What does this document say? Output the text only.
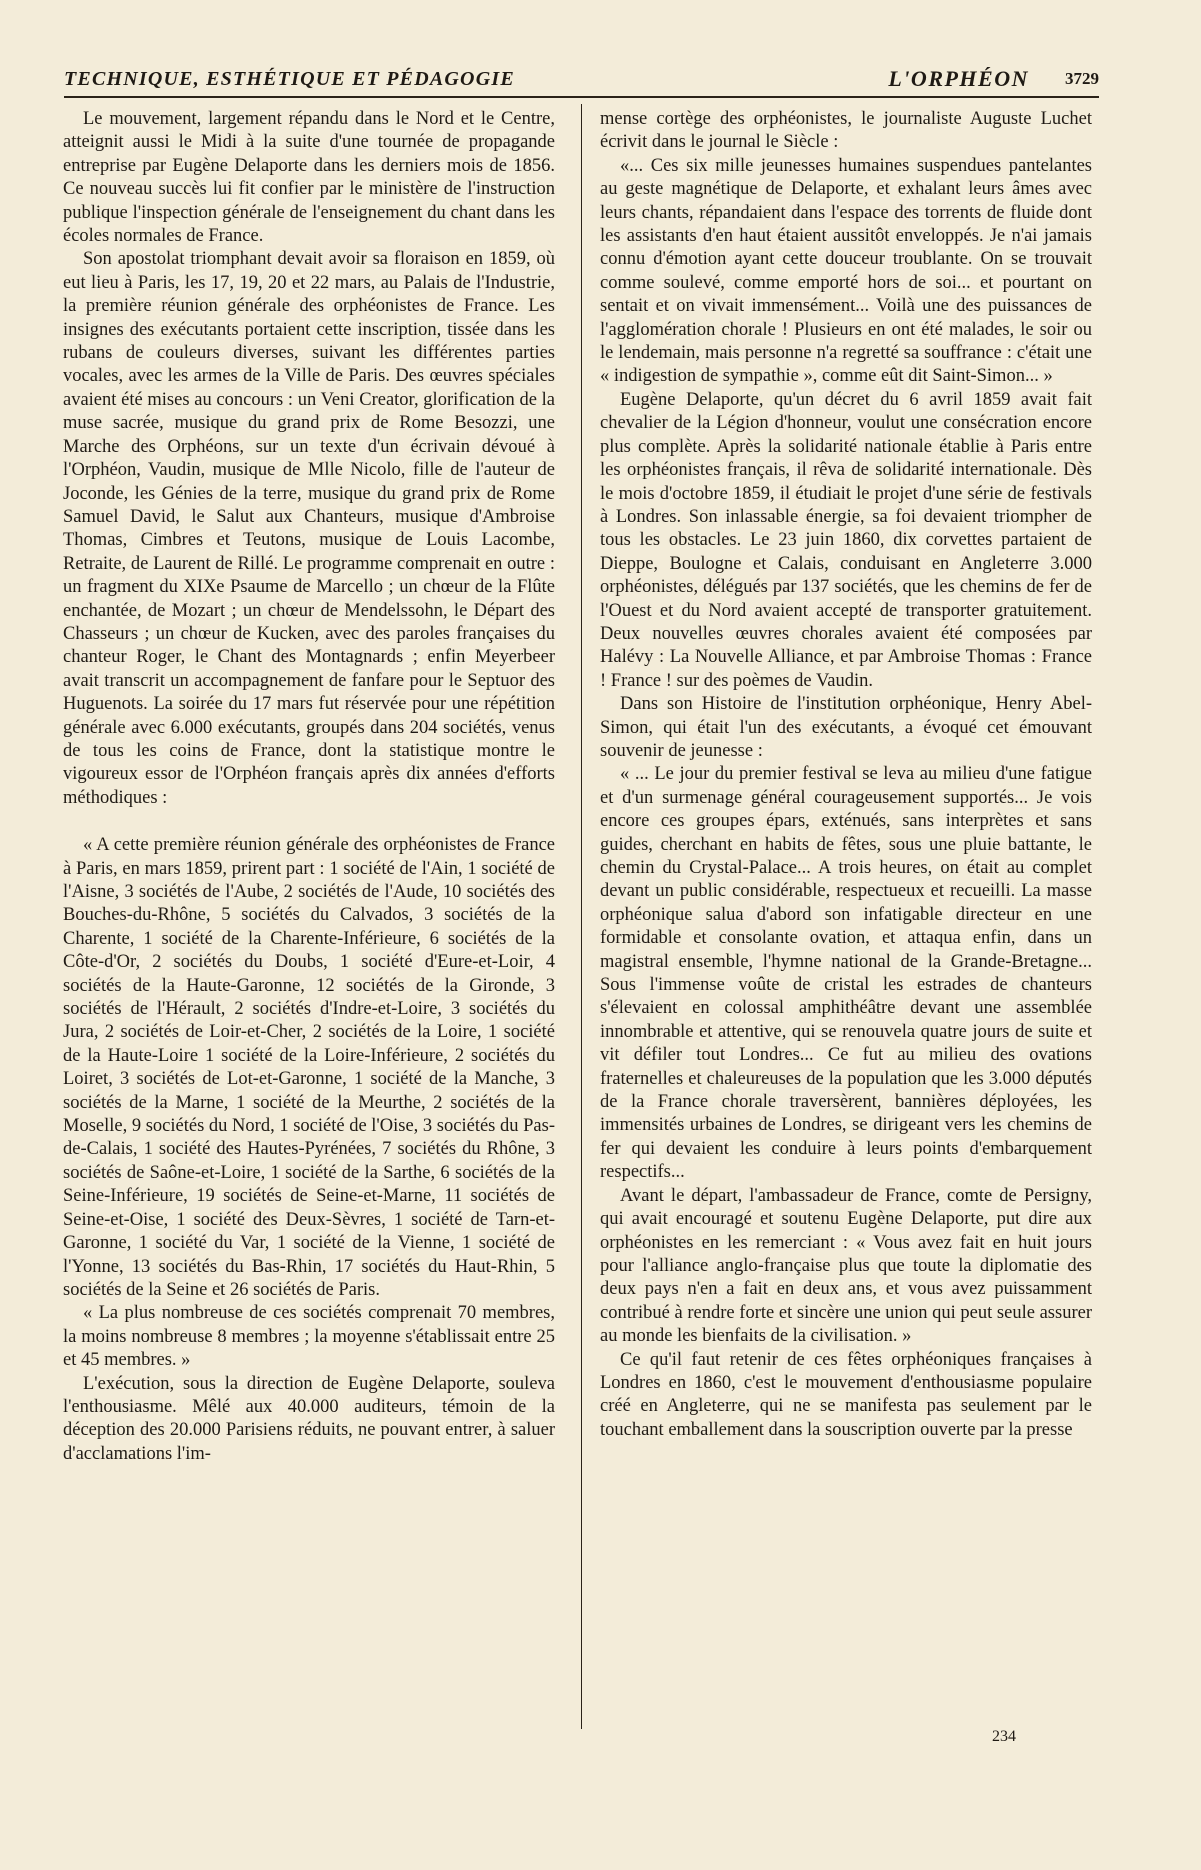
TECHNIQUE, ESTHÉTIQUE ET PÉDAGOGIE	L'ORPHÉON 3729

Le mouvement, largement répandu dans le Nord et le Centre, atteignit aussi le Midi à la suite d'une tournée de propagande entreprise par Eugène Delaporte dans les derniers mois de 1856. Ce nouveau succès lui fit confier par le ministère de l'instruction publique l'inspection générale de l'enseignement du chant dans les écoles normales de France.

Son apostolat triomphant devait avoir sa floraison en 1859, où eut lieu à Paris, les 17, 19, 20 et 22 mars, au Palais de l'Industrie, la première réunion générale des orphéonistes de France. Les insignes des exécutants portaient cette inscription, tissée dans les rubans de couleurs diverses, suivant les différentes parties vocales, avec les armes de la Ville de Paris. Des œuvres spéciales avaient été mises au concours : un Veni Creator, glorification de la muse sacrée, musique du grand prix de Rome Besozzi, une Marche des Orphéons, sur un texte d'un écrivain dévoué à l'Orphéon, Vaudin, musique de Mlle Nicolo, fille de l'auteur de Joconde, les Génies de la terre, musique du grand prix de Rome Samuel David, le Salut aux Chanteurs, musique d'Ambroise Thomas, Cimbres et Teutons, musique de Louis Lacombe, Retraite, de Laurent de Rillé. Le programme comprenait en outre : un fragment du XIXe Psaume de Marcello ; un chœur de la Flûte enchantée, de Mozart ; un chœur de Mendelssohn, le Départ des Chasseurs ; un chœur de Kucken, avec des paroles françaises du chanteur Roger, le Chant des Montagnards ; enfin Meyerbeer avait transcrit un accompagnement de fanfare pour le Septuor des Huguenots. La soirée du 17 mars fut réservée pour une répétition générale avec 6.000 exécutants, groupés dans 204 sociétés, venus de tous les coins de France, dont la statistique montre le vigoureux essor de l'Orphéon français après dix années d'efforts méthodiques :

« A cette première réunion générale des orphéonistes de France à Paris, en mars 1859, prirent part : 1 société de l'Ain, 1 société de l'Aisne, 3 sociétés de l'Aube, 2 sociétés de l'Aude, 10 sociétés des Bouches-du-Rhône, 5 sociétés du Calvados, 3 sociétés de la Charente, 1 société de la Charente-Inférieure, 6 sociétés de la Côte-d'Or, 2 sociétés du Doubs, 1 société d'Eure-et-Loir, 4 sociétés de la Haute-Garonne, 12 sociétés de la Gironde, 3 sociétés de l'Hérault, 2 sociétés d'Indre-et-Loire, 3 sociétés du Jura, 2 sociétés de Loir-et-Cher, 2 sociétés de la Loire, 1 société de la Haute-Loire 1 société de la Loire-Inférieure, 2 sociétés du Loiret, 3 sociétés de Lot-et-Garonne, 1 société de la Manche, 3 sociétés de la Marne, 1 société de la Meurthe, 2 sociétés de la Moselle, 9 sociétés du Nord, 1 société de l'Oise, 3 sociétés du Pas-de-Calais, 1 société des Hautes-Pyrénées, 7 sociétés du Rhône, 3 sociétés de Saône-et-Loire, 1 société de la Sarthe, 6 sociétés de la Seine-Inférieure, 19 sociétés de Seine-et-Marne, 11 sociétés de Seine-et-Oise, 1 société des Deux-Sèvres, 1 société de Tarn-et-Garonne, 1 société du Var, 1 société de la Vienne, 1 société de l'Yonne, 13 sociétés du Bas-Rhin, 17 sociétés du Haut-Rhin, 5 sociétés de la Seine et 26 sociétés de Paris.

« La plus nombreuse de ces sociétés comprenait 70 membres, la moins nombreuse 8 membres ; la moyenne s'établissait entre 25 et 45 membres. »

L'exécution, sous la direction de Eugène Delaporte, souleva l'enthousiasme. Mêlé aux 40.000 auditeurs, témoin de la déception des 20.000 Parisiens réduits, ne pouvant entrer, à saluer d'acclamations l'im-

mense cortège des orphéonistes, le journaliste Auguste Luchet écrivit dans le journal le Siècle :

«... Ces six mille jeunesses humaines suspendues pantelantes au geste magnétique de Delaporte, et exhalant leurs âmes avec leurs chants, répandaient dans l'espace des torrents de fluide dont les assistants d'en haut étaient aussitôt enveloppés. Je n'ai jamais connu d'émotion ayant cette douceur troublante. On se trouvait comme soulevé, comme emporté hors de soi... et pourtant on sentait et on vivait immensément... Voilà une des puissances de l'agglomération chorale ! Plusieurs en ont été malades, le soir ou le lendemain, mais personne n'a regretté sa souffrance : c'était une « indigestion de sympathie », comme eût dit Saint-Simon... »

Eugène Delaporte, qu'un décret du 6 avril 1859 avait fait chevalier de la Légion d'honneur, voulut une consécration encore plus complète. Après la solidarité nationale établie à Paris entre les orphéonistes français, il rêva de solidarité internationale. Dès le mois d'octobre 1859, il étudiait le projet d'une série de festivals à Londres. Son inlassable énergie, sa foi devaient triompher de tous les obstacles. Le 23 juin 1860, dix corvettes partaient de Dieppe, Boulogne et Calais, conduisant en Angleterre 3.000 orphéonistes, délégués par 137 sociétés, que les chemins de fer de l'Ouest et du Nord avaient accepté de transporter gratuitement. Deux nouvelles œuvres chorales avaient été composées par Halévy : La Nouvelle Alliance, et par Ambroise Thomas : France ! France ! sur des poèmes de Vaudin.

Dans son Histoire de l'institution orphéonique, Henry Abel-Simon, qui était l'un des exécutants, a évoqué cet émouvant souvenir de jeunesse :

« ... Le jour du premier festival se leva au milieu d'une fatigue et d'un surmenage général courageusement supportés... Je vois encore ces groupes épars, exténués, sans interprètes et sans guides, cherchant en habits de fêtes, sous une pluie battante, le chemin du Crystal-Palace... A trois heures, on était au complet devant un public considérable, respectueux et recueilli. La masse orphéonique salua d'abord son infatigable directeur en une formidable et consolante ovation, et attaqua enfin, dans un magistral ensemble, l'hymne national de la Grande-Bretagne... Sous l'immense voûte de cristal les estrades de chanteurs s'élevaient en colossal amphithéâtre devant une assemblée innombrable et attentive, qui se renouvela quatre jours de suite et vit défiler tout Londres... Ce fut au milieu des ovations fraternelles et chaleureuses de la population que les 3.000 députés de la France chorale traversèrent, bannières déployées, les immensités urbaines de Londres, se dirigeant vers les chemins de fer qui devaient les conduire à leurs points d'embarquement respectifs...

Avant le départ, l'ambassadeur de France, comte de Persigny, qui avait encouragé et soutenu Eugène Delaporte, put dire aux orphéonistes en les remerciant : « Vous avez fait en huit jours pour l'alliance anglo-française plus que toute la diplomatie des deux pays n'en a fait en deux ans, et vous avez puissamment contribué à rendre forte et sincère une union qui peut seule assurer au monde les bienfaits de la civilisation. »

Ce qu'il faut retenir de ces fêtes orphéoniques françaises à Londres en 1860, c'est le mouvement d'enthousiasme populaire créé en Angleterre, qui ne se manifesta pas seulement par le touchant emballement dans la souscription ouverte par la presse

234
